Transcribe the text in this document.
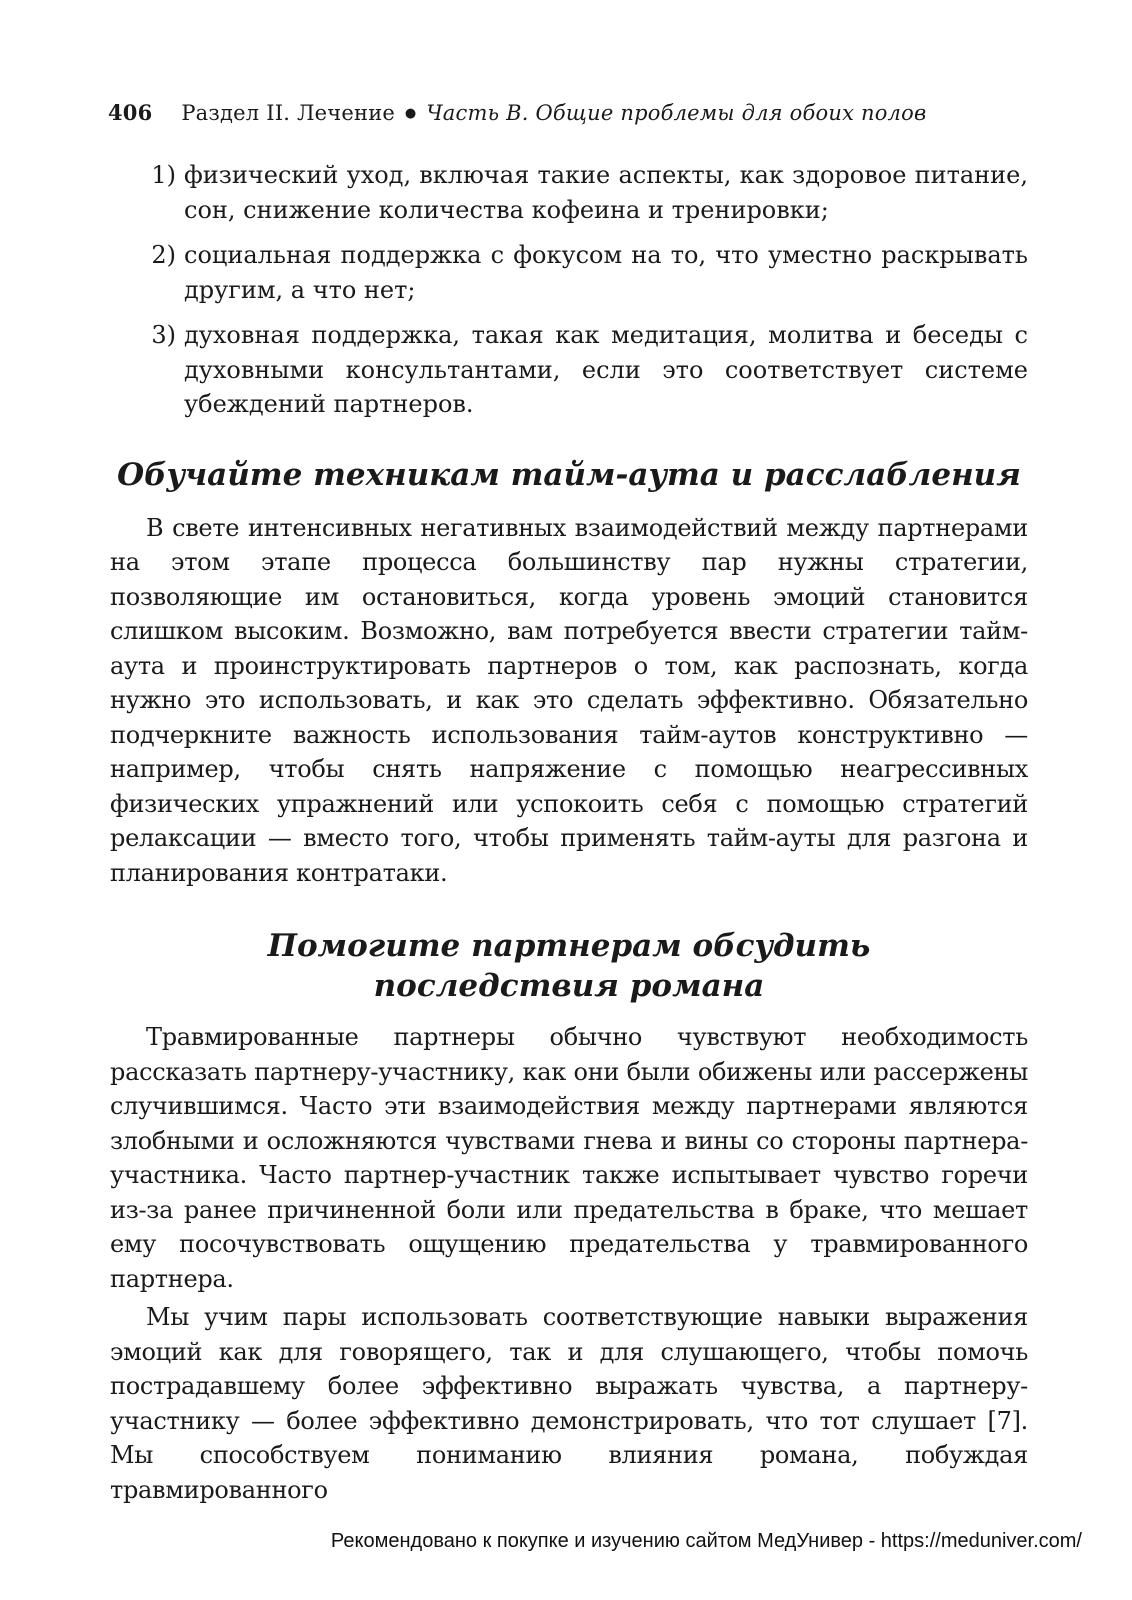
406 Раздел II. Лечение ● Часть B. Общие проблемы для обоих полов
1) физический уход, включая такие аспекты, как здоровое питание, сон, снижение количества кофеина и тренировки;
2) социальная поддержка с фокусом на то, что уместно раскрывать другим, а что нет;
3) духовная поддержка, такая как медитация, молитва и беседы с духовными консультантами, если это соответствует системе убеждений партнеров.
Обучайте техникам тайм-аута и расслабления

В свете интенсивных негативных взаимодействий между партнерами на этом этапе процесса большинству пар нужны стратегии, позволяющие им остановиться, когда уровень эмоций становится слишком высоким. Возможно, вам потребуется ввести стратегии тайм-аута и проинструктировать партнеров о том, как распознать, когда нужно это использовать, и как это сделать эффективно. Обязательно подчеркните важность использования тайм-аутов конструктивно — например, чтобы снять напряжение с помощью неагрессивных физических упражнений или успокоить себя с помощью стратегий релаксации — вместо того, чтобы применять тайм-ауты для разгона и планирования контратаки.

Помогите партнерам обсудить
последствия романа

Травмированные партнеры обычно чувствуют необходимость рассказать партнеру-участнику, как они были обижены или рассержены случившимся. Часто эти взаимодействия между партнерами являются злобными и осложняются чувствами гнева и вины со стороны партнера-участника. Часто партнер-участник также испытывает чувство горечи из-за ранее причиненной боли или предательства в браке, что мешает ему посочувствовать ощущению предательства у травмированного партнера.

Мы учим пары использовать соответствующие навыки выражения эмоций как для говорящего, так и для слушающего, чтобы помочь пострадавшему более эффективно выражать чувства, а партнеру-участнику — более эффективно демонстрировать, что тот слушает [7]. Мы способствуем пониманию влияния романа, побуждая травмированного

Рекомендовано к покупке и изучению сайтом МедУнивер - https://meduniver.com/
